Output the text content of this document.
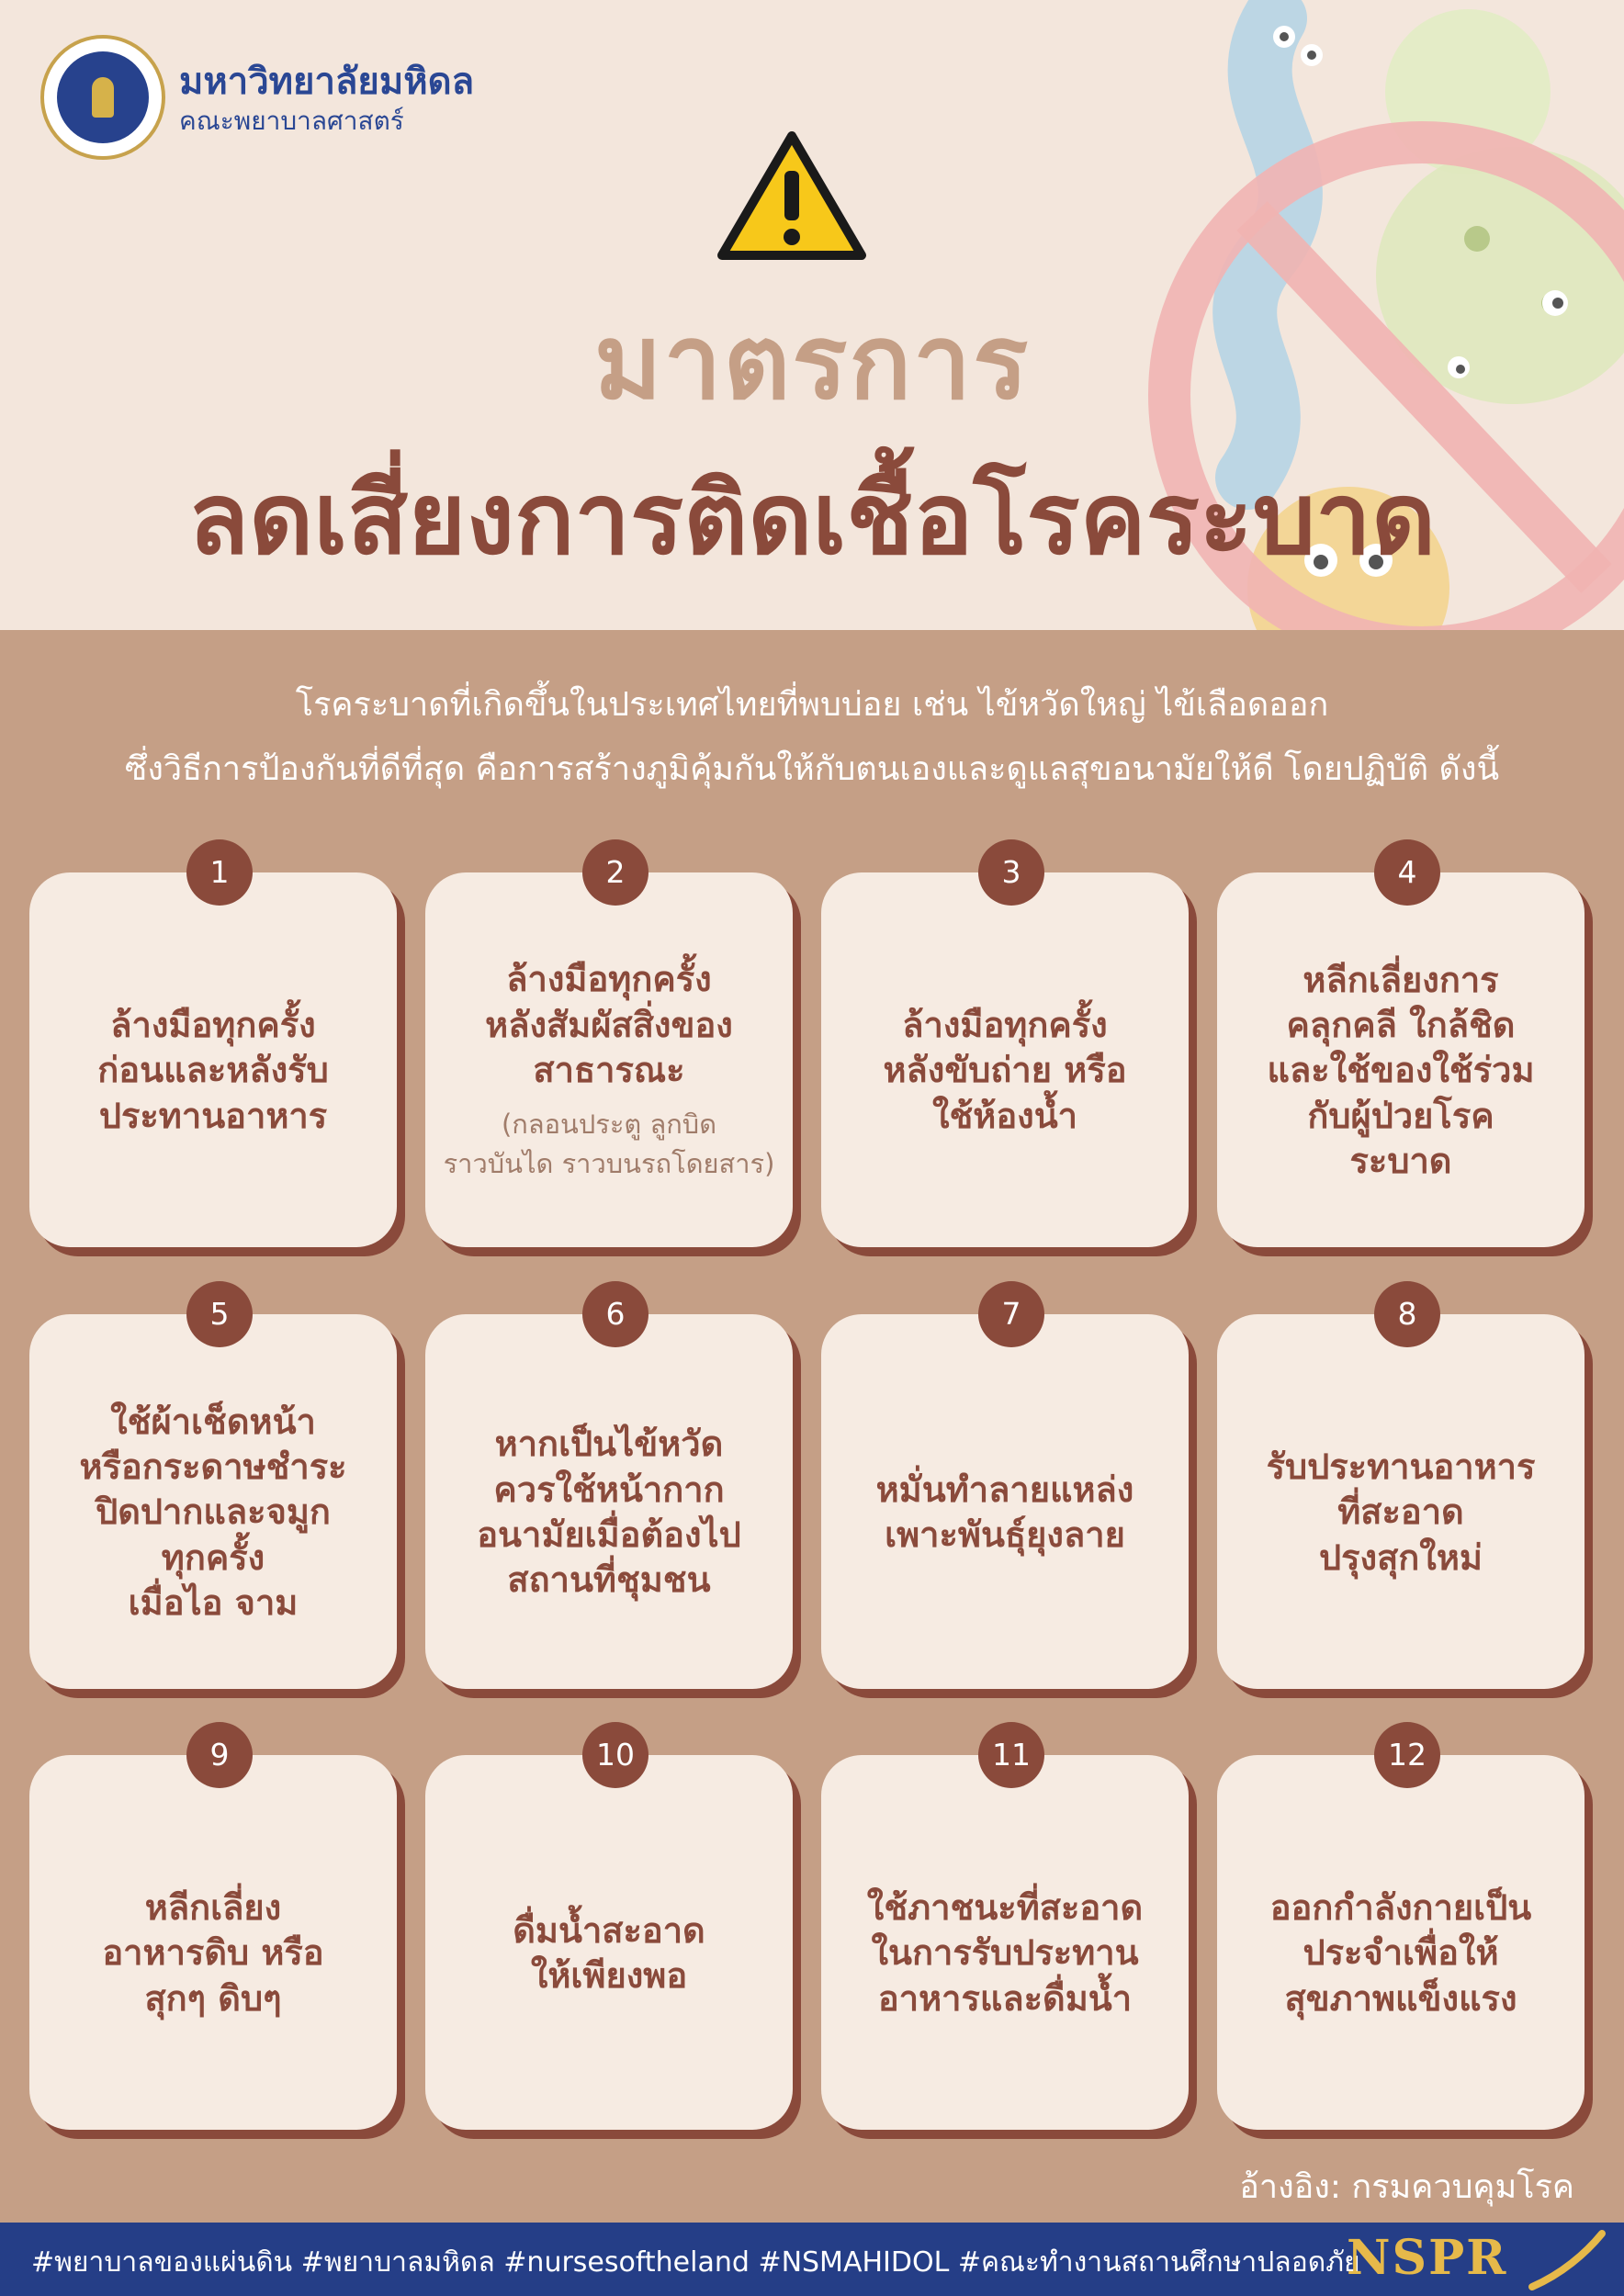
มหาวิทยาลัยมหิดล
คณะพยาบาลศาสตร์
มาตรการ
ลดเสี่ยงการติดเชื้อโรคระบาด
โรคระบาดที่เกิดขึ้นในประเทศไทยที่พบบ่อย เช่น ไข้หวัดใหญ่ ไข้เลือดออก
ซึ่งวิธีการป้องกันที่ดีที่สุด คือการสร้างภูมิคุ้มกันให้กับตนเองและดูแลสุขอนามัยให้ดี โดยปฏิบัติ ดังนี้
1
ล้างมือทุกครั้ง
ก่อนและหลังรับ
ประทานอาหาร
2
ล้างมือทุกครั้ง
หลังสัมผัสสิ่งของ
สาธารณะ
(กลอนประตู ลูกบิด
ราวบันได ราวบนรถโดยสาร)
3
ล้างมือทุกครั้ง
หลังขับถ่าย หรือ
ใช้ห้องน้ำ
4
หลีกเลี่ยงการ
คลุกคลี ใกล้ชิด
และใช้ของใช้ร่วม
กับผู้ป่วยโรค
ระบาด
5
ใช้ผ้าเช็ดหน้า
หรือกระดาษชำระ
ปิดปากและจมูก
ทุกครั้ง
เมื่อไอ จาม
6
หากเป็นไข้หวัด
ควรใช้หน้ากาก
อนามัยเมื่อต้องไป
สถานที่ชุมชน
7
หมั่นทำลายแหล่ง
เพาะพันธุ์ยุงลาย
8
รับประทานอาหาร
ที่สะอาด
ปรุงสุกใหม่
9
หลีกเลี่ยง
อาหารดิบ หรือ
สุกๆ ดิบๆ
10
ดื่มน้ำสะอาด
ให้เพียงพอ
11
ใช้ภาชนะที่สะอาด
ในการรับประทาน
อาหารและดื่มน้ำ
12
ออกกำลังกายเป็น
ประจำเพื่อให้
สุขภาพแข็งแรง
อ้างอิง: กรมควบคุมโรค
#พยาบาลของแผ่นดิน #พยาบาลมหิดล #nursesoftheland #NSMAHIDOL #คณะทำงานสถานศึกษาปลอดภัย
NSPR
